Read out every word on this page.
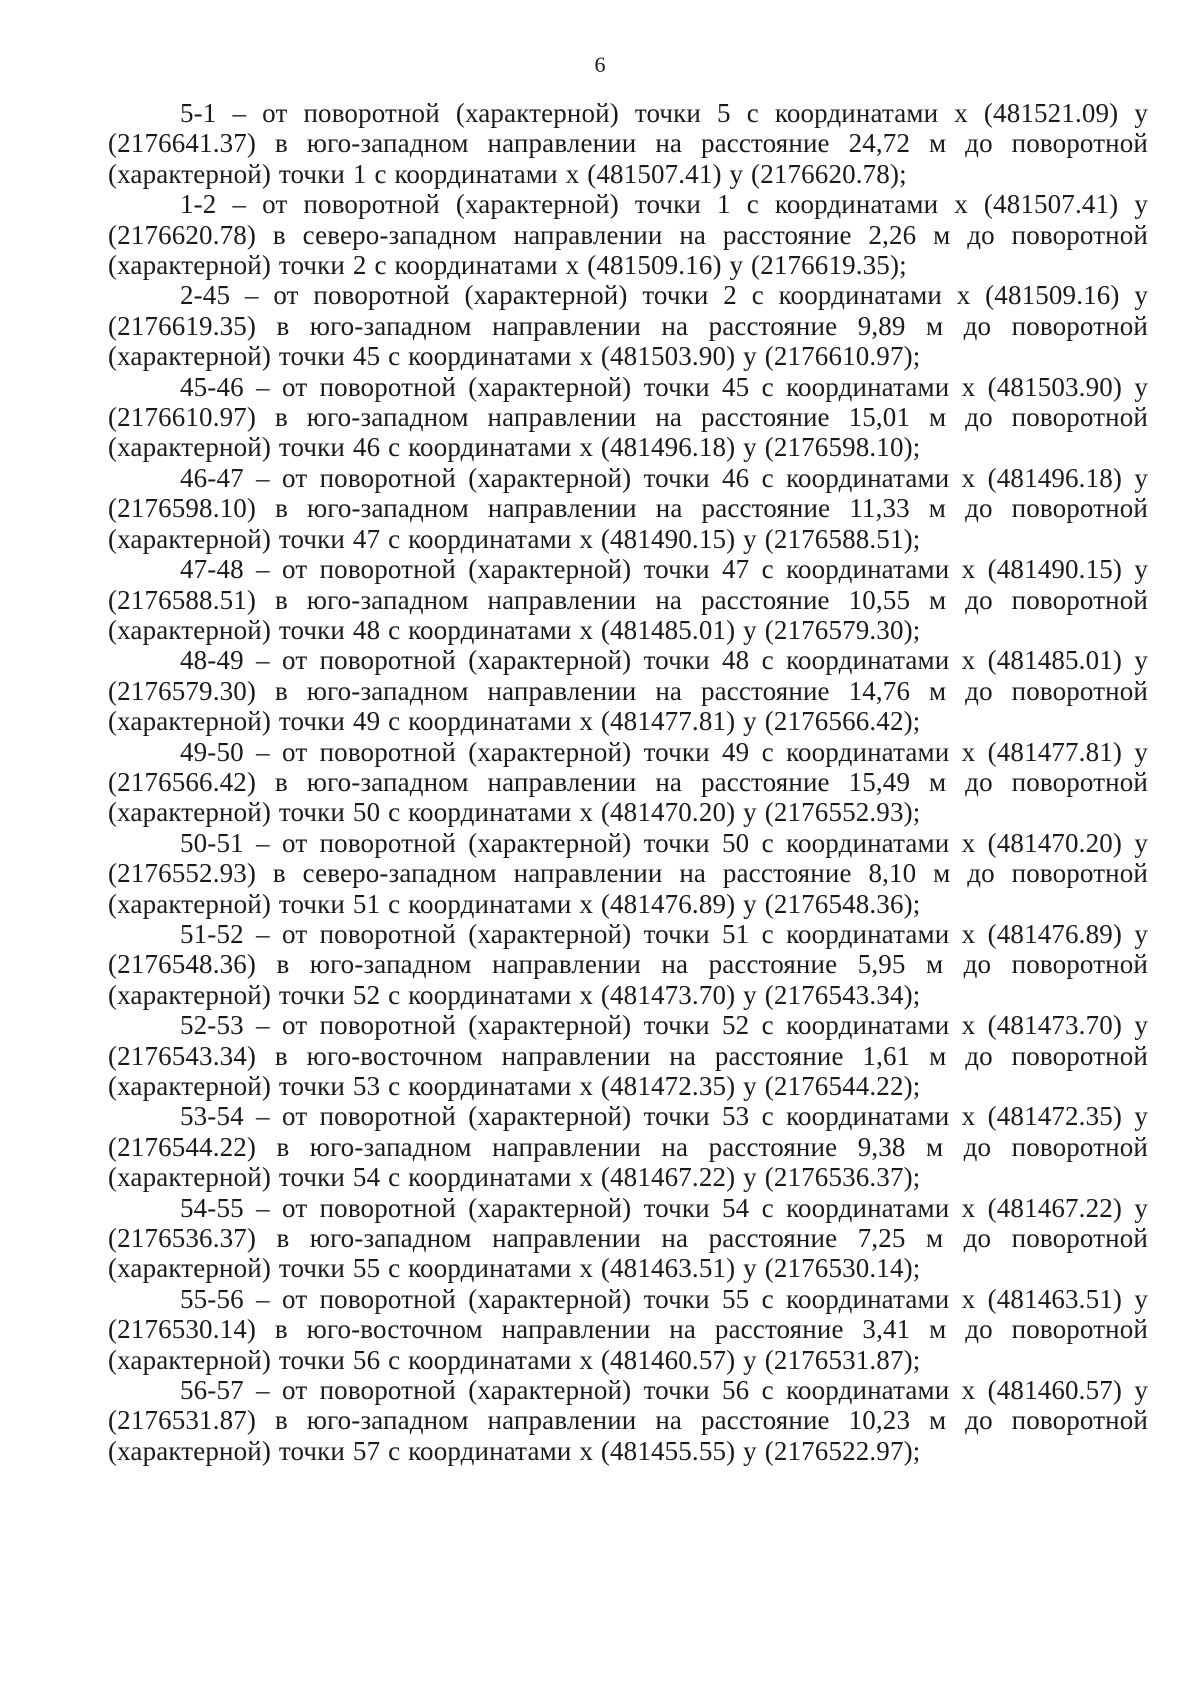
6

5-1 – от поворотной (характерной) точки 5 с координатами х (481521.09) у (2176641.37) в юго-западном направлении на расстояние 24,72 м до поворотной (характерной) точки 1 с координатами х (481507.41) у (2176620.78);

1-2 – от поворотной (характерной) точки 1 с координатами х (481507.41) у (2176620.78) в северо-западном направлении на расстояние 2,26 м до поворотной (характерной) точки 2 с координатами х (481509.16) у (2176619.35);

2-45 – от поворотной (характерной) точки 2 с координатами х (481509.16) у (2176619.35) в юго-западном направлении на расстояние 9,89 м до поворотной (характерной) точки 45 с координатами х (481503.90) у (2176610.97);

45-46 – от поворотной (характерной) точки 45 с координатами х (481503.90) у (2176610.97) в юго-западном направлении на расстояние 15,01 м до поворотной (характерной) точки 46 с координатами х (481496.18) у (2176598.10);

46-47 – от поворотной (характерной) точки 46 с координатами х (481496.18) у (2176598.10) в юго-западном направлении на расстояние 11,33 м до поворотной (характерной) точки 47 с координатами х (481490.15) у (2176588.51);

47-48 – от поворотной (характерной) точки 47 с координатами х (481490.15) у (2176588.51) в юго-западном направлении на расстояние 10,55 м до поворотной (характерной) точки 48 с координатами х (481485.01) у (2176579.30);

48-49 – от поворотной (характерной) точки 48 с координатами х (481485.01) у (2176579.30) в юго-западном направлении на расстояние 14,76 м до поворотной (характерной) точки 49 с координатами х (481477.81) у (2176566.42);

49-50 – от поворотной (характерной) точки 49 с координатами х (481477.81) у (2176566.42) в юго-западном направлении на расстояние 15,49 м до поворотной (характерной) точки 50 с координатами х (481470.20) у (2176552.93);

50-51 – от поворотной (характерной) точки 50 с координатами х (481470.20) у (2176552.93) в северо-западном направлении на расстояние 8,10 м до поворотной (характерной) точки 51 с координатами х (481476.89) у (2176548.36);

51-52 – от поворотной (характерной) точки 51 с координатами х (481476.89) у (2176548.36) в юго-западном направлении на расстояние 5,95 м до поворотной (характерной) точки 52 с координатами х (481473.70) у (2176543.34);

52-53 – от поворотной (характерной) точки 52 с координатами х (481473.70) у (2176543.34) в юго-восточном направлении на расстояние 1,61 м до поворотной (характерной) точки 53 с координатами х (481472.35) у (2176544.22);

53-54 – от поворотной (характерной) точки 53 с координатами х (481472.35) у (2176544.22) в юго-западном направлении на расстояние 9,38 м до поворотной (характерной) точки 54 с координатами х (481467.22) у (2176536.37);

54-55 – от поворотной (характерной) точки 54 с координатами х (481467.22) у (2176536.37) в юго-западном направлении на расстояние 7,25 м до поворотной (характерной) точки 55 с координатами х (481463.51) у (2176530.14);

55-56 – от поворотной (характерной) точки 55 с координатами х (481463.51) у (2176530.14) в юго-восточном направлении на расстояние 3,41 м до поворотной (характерной) точки 56 с координатами х (481460.57) у (2176531.87);

56-57 – от поворотной (характерной) точки 56 с координатами х (481460.57) у (2176531.87) в юго-западном направлении на расстояние 10,23 м до поворотной (характерной) точки 57 с координатами х (481455.55) у (2176522.97);
